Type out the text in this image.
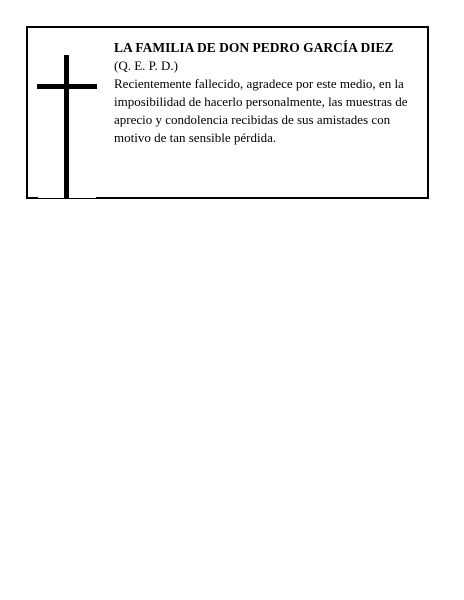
LA FAMILIA DE DON PEDRO GARCÍA DIEZ

(Q. E. P. D.)

Recientemente fallecido, agradece por este medio, en la imposibilidad de hacerlo personalmente, las muestras de aprecio y condolencia recibidas de sus amistades con motivo de tan sensible pérdida.
